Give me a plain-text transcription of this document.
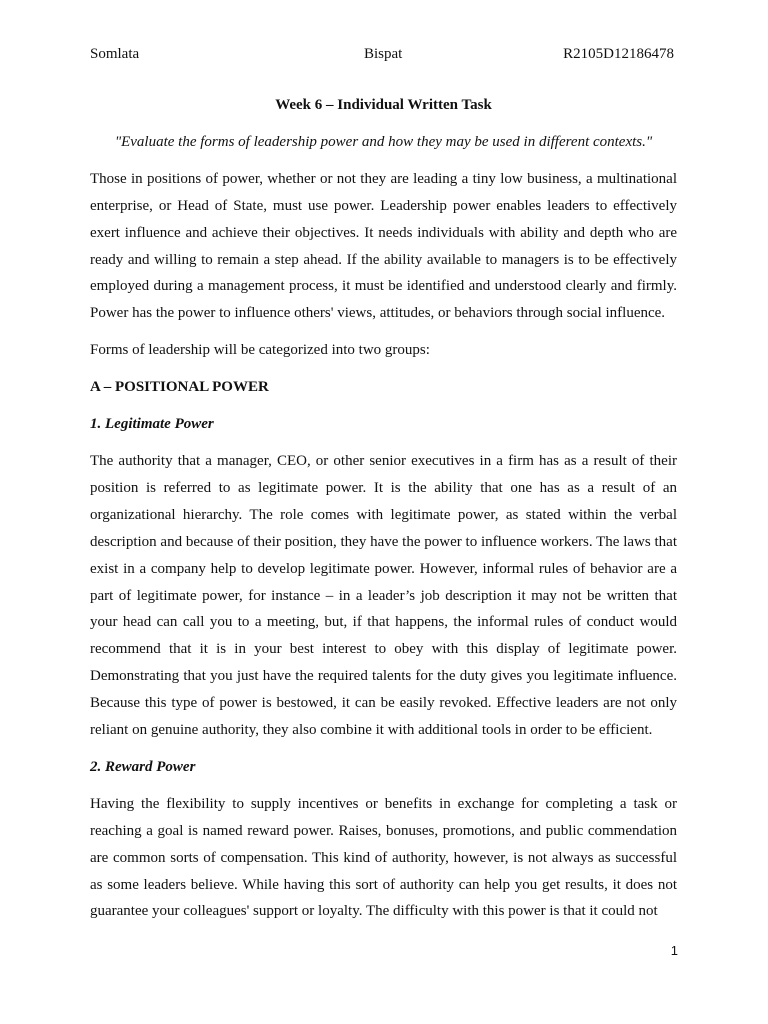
Somlata	Bispat	R2105D12186478
Week 6 – Individual Written Task
"Evaluate the forms of leadership power and how they may be used in different contexts."

Those in positions of power, whether or not they are leading a tiny low business, a multinational enterprise, or Head of State, must use power. Leadership power enables leaders to effectively exert influence and achieve their objectives. It needs individuals with ability and depth who are ready and willing to remain a step ahead. If the ability available to managers is to be effectively employed during a management process, it must be identified and understood clearly and firmly. Power has the power to influence others' views, attitudes, or behaviors through social influence.

Forms of leadership will be categorized into two groups:

A – POSITIONAL POWER
1. Legitimate Power

The authority that a manager, CEO, or other senior executives in a firm has as a result of their position is referred to as legitimate power. It is the ability that one has as a result of an organizational hierarchy. The role comes with legitimate power, as stated within the verbal description and because of their position, they have the power to influence workers. The laws that exist in a company help to develop legitimate power. However, informal rules of behavior are a part of legitimate power, for instance – in a leader’s job description it may not be written that your head can call you to a meeting, but, if that happens, the informal rules of conduct would recommend that it is in your best interest to obey with this display of legitimate power. Demonstrating that you just have the required talents for the duty gives you legitimate influence. Because this type of power is bestowed, it can be easily revoked. Effective leaders are not only reliant on genuine authority, they also combine it with additional tools in order to be efficient.

2. Reward Power

Having the flexibility to supply incentives or benefits in exchange for completing a task or reaching a goal is named reward power. Raises, bonuses, promotions, and public commendation are common sorts of compensation. This kind of authority, however, is not always as successful as some leaders believe. While having this sort of authority can help you get results, it does not guarantee your colleagues' support or loyalty. The difficulty with this power is that it could not

1
